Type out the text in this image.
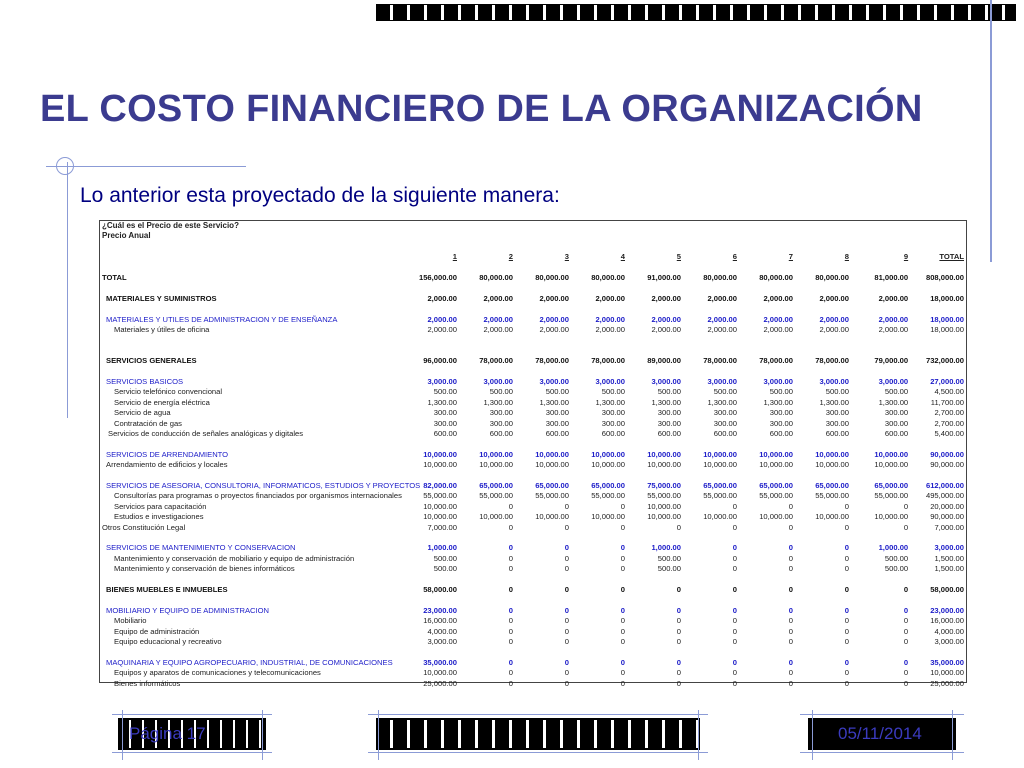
EL COSTO FINANCIERO DE LA ORGANIZACIÓN

Lo anterior esta proyectado de la siguiente manera:

¿Cuál es el Precio de este Servicio?										
Precio Anual										

	1	2	3	4	5	6	7	8	9	TOTAL

TOTAL	156,000.00	80,000.00	80,000.00	80,000.00	91,000.00	80,000.00	80,000.00	80,000.00	81,000.00	808,000.00

MATERIALES Y SUMINISTROS	2,000.00	2,000.00	2,000.00	2,000.00	2,000.00	2,000.00	2,000.00	2,000.00	2,000.00	18,000.00

MATERIALES Y UTILES DE ADMINISTRACION Y DE ENSEÑANZA	2,000.00	2,000.00	2,000.00	2,000.00	2,000.00	2,000.00	2,000.00	2,000.00	2,000.00	18,000.00
Materiales y útiles de oficina	2,000.00	2,000.00	2,000.00	2,000.00	2,000.00	2,000.00	2,000.00	2,000.00	2,000.00	18,000.00

SERVICIOS GENERALES	96,000.00	78,000.00	78,000.00	78,000.00	89,000.00	78,000.00	78,000.00	78,000.00	79,000.00	732,000.00

SERVICIOS BASICOS	3,000.00	3,000.00	3,000.00	3,000.00	3,000.00	3,000.00	3,000.00	3,000.00	3,000.00	27,000.00
Servicio telefónico convencional	500.00	500.00	500.00	500.00	500.00	500.00	500.00	500.00	500.00	4,500.00
Servicio de energía eléctrica	1,300.00	1,300.00	1,300.00	1,300.00	1,300.00	1,300.00	1,300.00	1,300.00	1,300.00	11,700.00
Servicio de agua	300.00	300.00	300.00	300.00	300.00	300.00	300.00	300.00	300.00	2,700.00
Contratación de gas	300.00	300.00	300.00	300.00	300.00	300.00	300.00	300.00	300.00	2,700.00
Servicios de conducción de señales analógicas y digitales	600.00	600.00	600.00	600.00	600.00	600.00	600.00	600.00	600.00	5,400.00

SERVICIOS DE ARRENDAMIENTO	10,000.00	10,000.00	10,000.00	10,000.00	10,000.00	10,000.00	10,000.00	10,000.00	10,000.00	90,000.00
Arrendamiento de edificios y locales	10,000.00	10,000.00	10,000.00	10,000.00	10,000.00	10,000.00	10,000.00	10,000.00	10,000.00	90,000.00

SERVICIOS DE ASESORIA, CONSULTORIA, INFORMATICOS, ESTUDIOS Y PROYECTOS	82,000.00	65,000.00	65,000.00	65,000.00	75,000.00	65,000.00	65,000.00	65,000.00	65,000.00	612,000.00
Consultorías para programas o proyectos financiados por organismos internacionales	55,000.00	55,000.00	55,000.00	55,000.00	55,000.00	55,000.00	55,000.00	55,000.00	55,000.00	495,000.00
Servicios para capacitación	10,000.00	0	0	0	10,000.00	0	0	0	0	20,000.00
Estudios e investigaciones	10,000.00	10,000.00	10,000.00	10,000.00	10,000.00	10,000.00	10,000.00	10,000.00	10,000.00	90,000.00
Otros Constitución Legal	7,000.00	0	0	0	0	0	0	0	0	7,000.00

SERVICIOS DE MANTENIMIENTO Y CONSERVACION	1,000.00	0	0	0	1,000.00	0	0	0	1,000.00	3,000.00
Mantenimiento y conservación de mobiliario y equipo de administración	500.00	0	0	0	500.00	0	0	0	500.00	1,500.00
Mantenimiento y conservación de bienes informáticos	500.00	0	0	0	500.00	0	0	0	500.00	1,500.00

BIENES MUEBLES E INMUEBLES	58,000.00	0	0	0	0	0	0	0	0	58,000.00

MOBILIARIO Y EQUIPO DE ADMINISTRACION	23,000.00	0	0	0	0	0	0	0	0	23,000.00
Mobiliario	16,000.00	0	0	0	0	0	0	0	0	16,000.00
Equipo de administración	4,000.00	0	0	0	0	0	0	0	0	4,000.00
Equipo educacional y recreativo	3,000.00	0	0	0	0	0	0	0	0	3,000.00

MAQUINARIA Y EQUIPO AGROPECUARIO, INDUSTRIAL, DE COMUNICACIONES	35,000.00	0	0	0	0	0	0	0	0	35,000.00
Equipos y aparatos de comunicaciones y telecomunicaciones	10,000.00	0	0	0	0	0	0	0	0	10,000.00
Bienes informáticos	25,000.00	0	0	0	0	0	0	0	0	25,000.00
Página 17	05/11/2014
